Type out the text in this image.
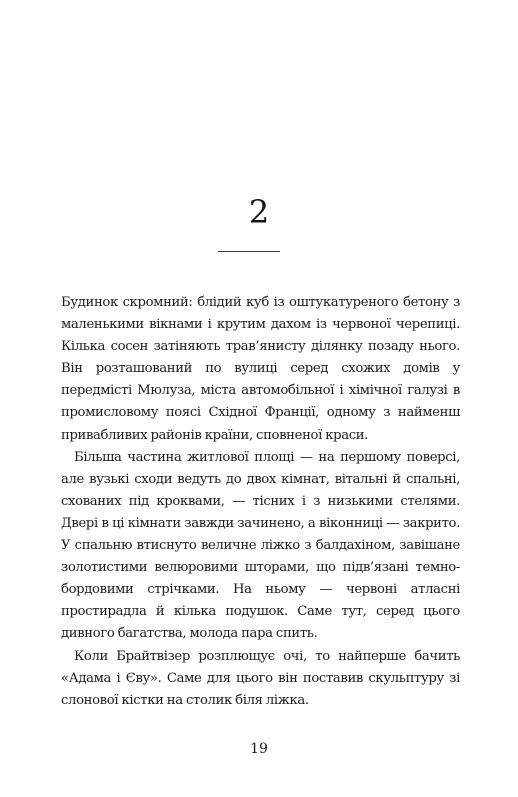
2

Будинок скромний: блідий куб із оштукатуреного бетону з маленькими вікнами і крутим дахом із червоної черепиці. Кілька сосен затіняють трав’янисту ділянку позаду нього. Він розташований по вулиці серед схожих домів у передмісті Мюлуза, міста автомобільної і хімічної галузі в промисловому поясі Східної Франції, одному з найменш привабливих районів країни, сповненої краси.

Більша частина житлової площі — на першому поверсі, але вузькі сходи ведуть до двох кімнат, вітальні й спальні, схованих під кроквами, — тісних і з низькими стелями. Двері в ці кімнати завжди зачинено, а віконниці — закрито. У спальню втиснуто величне ліжко з балдахіном, завішане золотистими велюровими шторами, що підв’язані темно-бордовими стрічками. На ньому — червоні атласні простирадла й кілька подушок. Саме тут, серед цього дивного багатства, молода пара спить.

Коли Брайтвізер розплющує очі, то найперше бачить «Адама і Єву». Саме для цього він поставив скульптуру зі слонової кістки на столик біля ліжка.

19
